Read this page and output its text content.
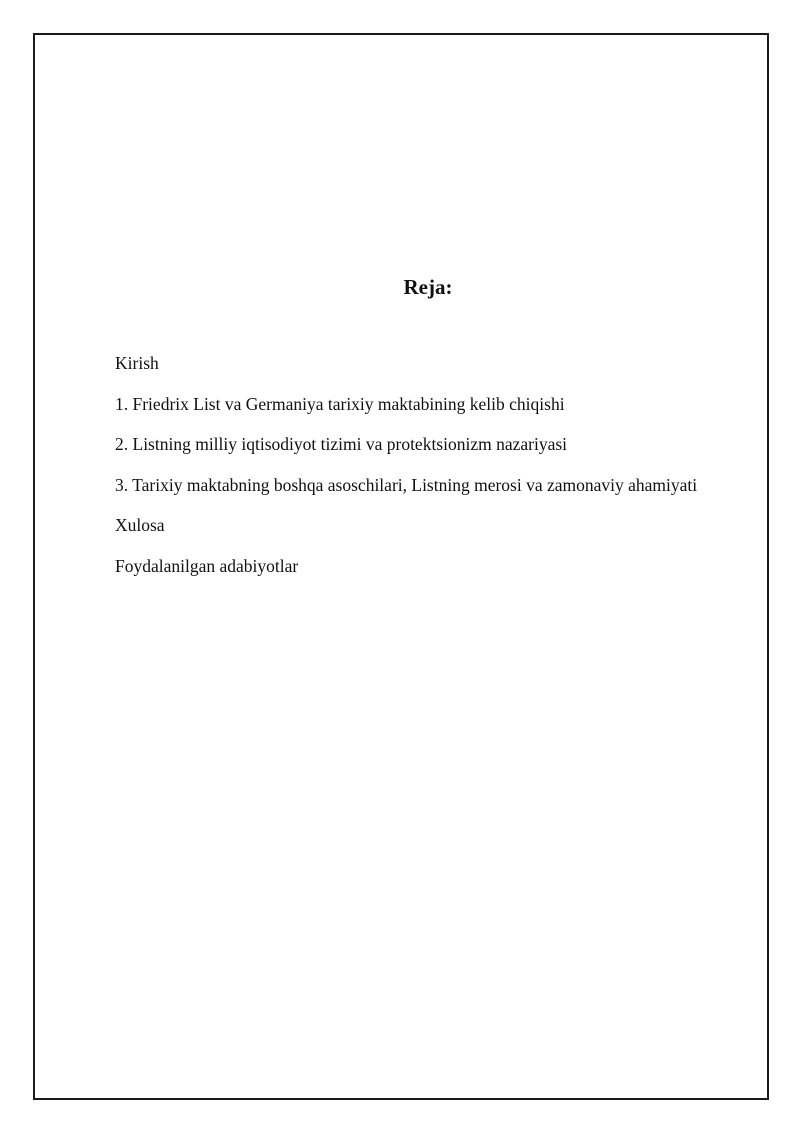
Reja:
Kirish
1. Friedrix List va Germaniya tarixiy maktabining kelib chiqishi
2. Listning milliy iqtisodiyot tizimi va protektsionizm nazariyasi
3. Tarixiy maktabning boshqa asoschilari, Listning merosi va zamonaviy ahamiyati
Xulosa
Foydalanilgan adabiyotlar
